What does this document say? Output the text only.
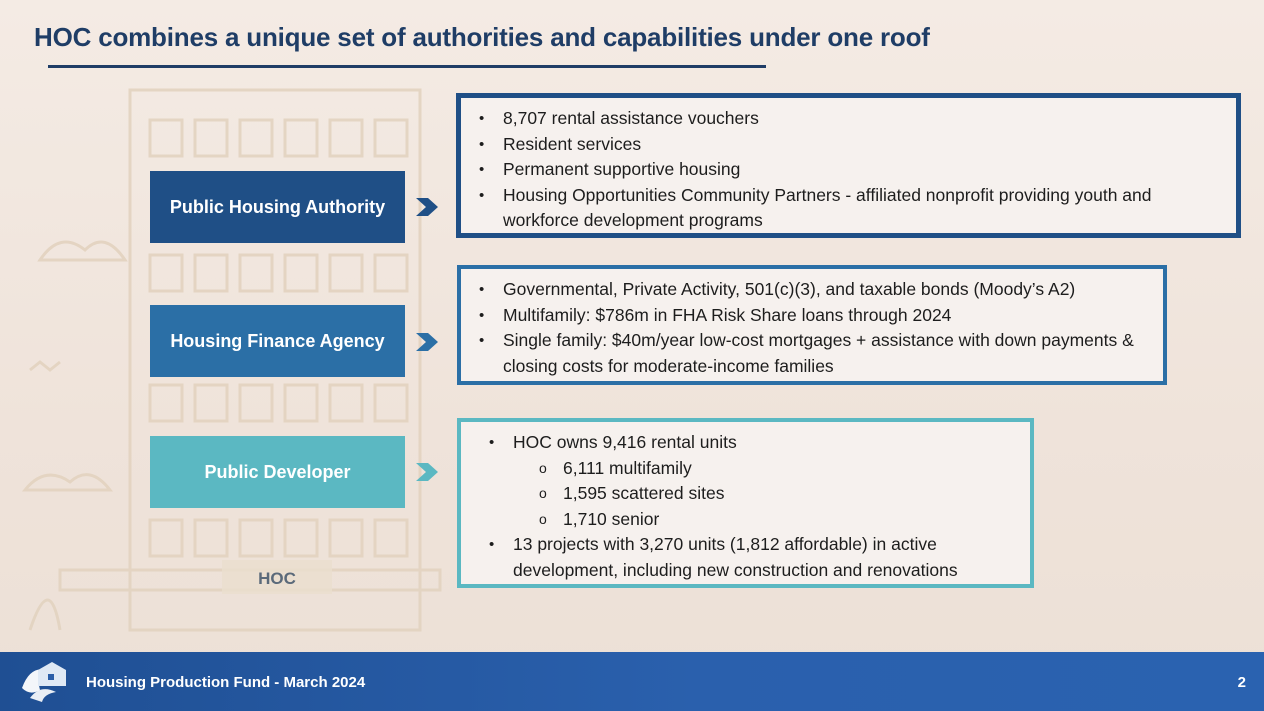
HOC combines a unique set of authorities and capabilities under one roof
HOC
Public Housing Authority
• 8,707 rental assistance vouchers
• Resident services
• Permanent supportive housing
• Housing Opportunities Community Partners - affiliated nonprofit providing youth and workforce development programs
Housing Finance Agency
• Governmental, Private Activity, 501(c)(3), and taxable bonds (Moody’s A2)
• Multifamily: $786m in FHA Risk Share loans through 2024
• Single family: $40m/year low-cost mortgages + assistance with down payments & closing costs for moderate-income families
Public Developer
• HOC owns 9,416 rental units
o 6,111 multifamily
o 1,595 scattered sites
o 1,710 senior
• 13 projects with 3,270 units (1,812 affordable) in active development, including new construction and renovations
Housing Production Fund - March 2024	2
